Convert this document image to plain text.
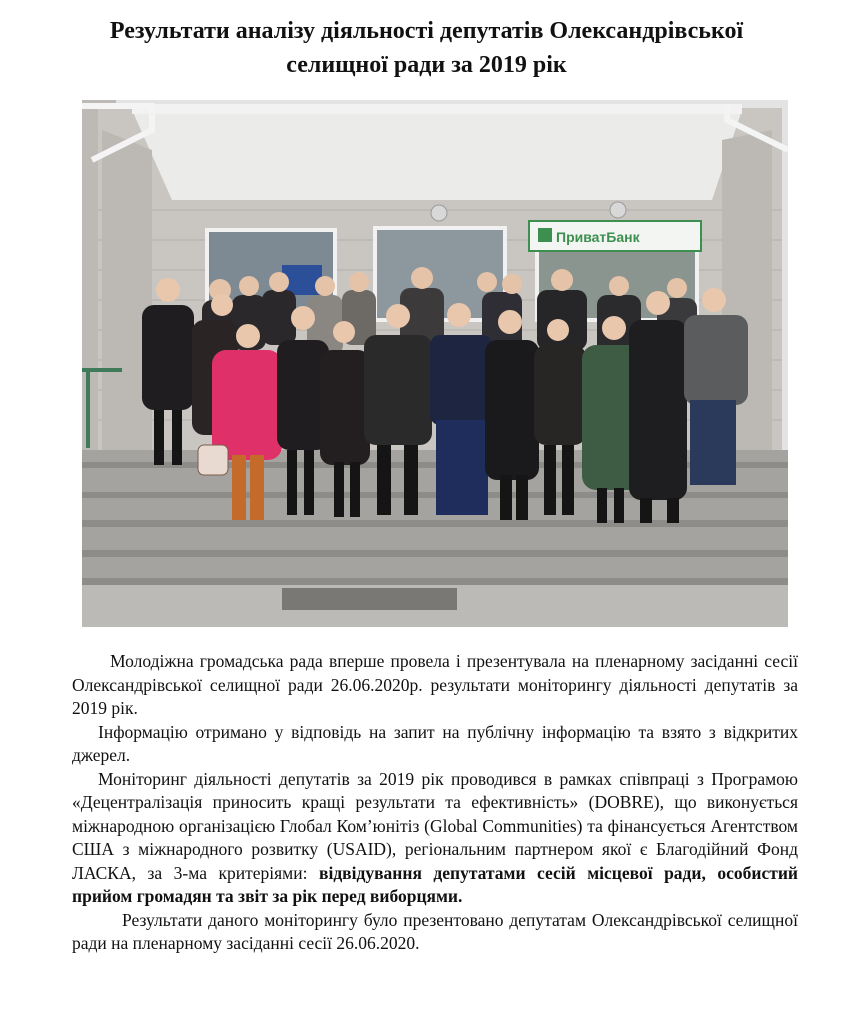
Результати аналізу діяльності депутатів Олександрівської
селищної ради за 2019 рік
ПриватБанк

Молодіжна громадська рада вперше провела і презентувала на пленарному засіданні сесії Олександрівської селищної ради 26.06.2020р. результати моніторингу діяльності депутатів за 2019 рік.

Інформацію отримано у відповідь на запит на публічну інформацію та взято з відкритих джерел.

Моніторинг діяльності депутатів за 2019 рік проводився в рамках співпраці з Програмою «Децентралізація приносить кращі результати та ефективність» (DOBRE), що виконується міжнародною організацією Глобал Ком’юнітіз (Global Communities) та фінансується Агентством США з міжнародного розвитку (USAID), регіональним партнером якої є Благодійний Фонд ЛАСКА, за 3-ма критеріями: відвідування депутатами сесій місцевої ради, особистий прийом громадян та звіт за рік перед виборцями.

Результати даного моніторингу було презентовано депутатам Олександрівської селищної ради на пленарному засіданні сесії 26.06.2020.
